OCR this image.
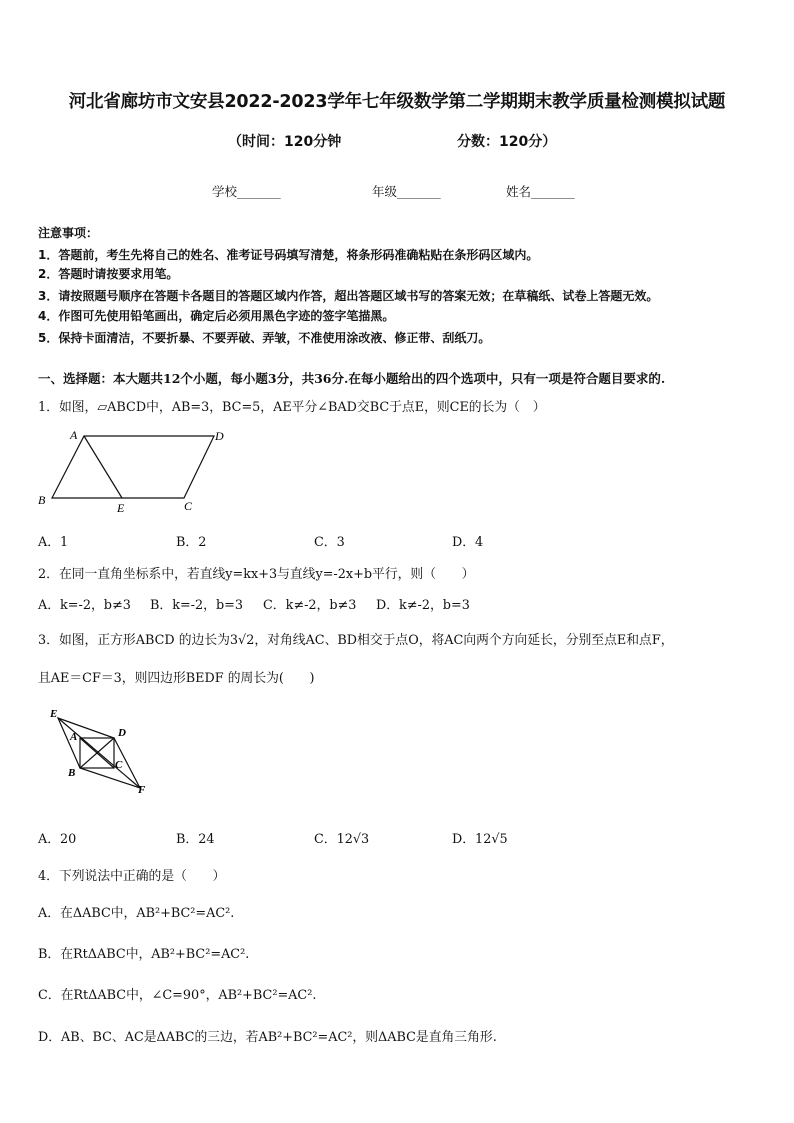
河北省廊坊市文安县2022-2023学年七年级数学第二学期期末教学质量检测模拟试题
（时间：120分钟	分数：120分）
学校_______	年级_______	姓名_______
注意事项：
1．答题前，考生先将自己的姓名、准考证号码填写清楚，将条形码准确粘贴在条形码区域内。
2．答题时请按要求用笔。
3．请按照题号顺序在答题卡各题目的答题区域内作答，超出答题区域书写的答案无效；在草稿纸、试卷上答题无效。
4．作图可先使用铅笔画出，确定后必须用黑色字迹的签字笔描黑。
5．保持卡面清洁，不要折暴、不要弄破、弄皱，不准使用涂改液、修正带、刮纸刀。
一、选择题：本大题共12个小题，每小题3分，共36分.在每小题给出的四个选项中，只有一项是符合题目要求的.
1．如图，▱ABCD中，AB=3，BC=5，AE平分∠BAD交BC于点E，则CE的长为（　）
A	D
B
E	C
A．1	B．2	C．3	D．4
2．在同一直角坐标系中，若直线y=kx+3与直线y=-2x+b平行，则（　　）
A．k=-2，b≠3 B．k=-2，b=3 C．k≠-2，b≠3 D．k≠-2，b=3
3．如图，正方形ABCD 的边长为3√2，对角线AC、BD相交于点O，将AC向两个方向延长，分别至点E和点F，
且AE＝CF＝3，则四边形BEDF 的周长为(　　)
E
A	D
B
C
F
A．20	B．24	C．12√3	D．12√5
4．下列说法中正确的是（　　）
A．在ΔABC中，AB²+BC²=AC².
B．在RtΔABC中，AB²+BC²=AC².
C．在RtΔABC中，∠C=90°，AB²+BC²=AC².
D．AB、BC、AC是ΔABC的三边，若AB²+BC²=AC²，则ΔABC是直角三角形.
